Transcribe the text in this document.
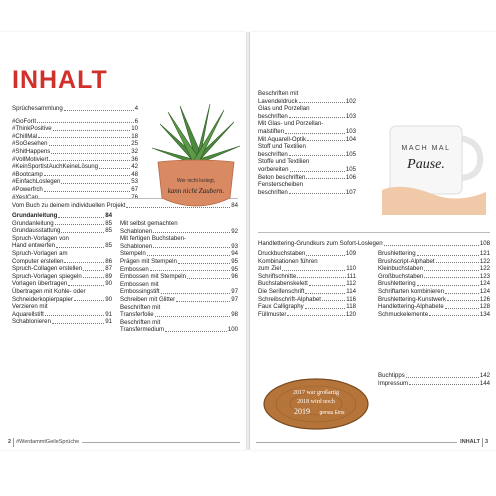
INHALT
Sprüchesammlung	4
#GoForIt	6
#ThinkPositive	10
#ChillMal	18
#SoGesehen	25
#ShitHappens	32
#VollMotiviert	36
#KeinSportIstAuchKeineLösung	42
#Bootcamp	48
#EinfachLoslegen	53
#Powerfrch	67
Vom Buch zu deinem individuellen Projekt	84
Grundanleitung	84
Grundanleitung	85
Grundausstattung	85
Spruch-Vorlagen von
Hand entwerfen	85
Spruch-Vorlagen am
Computer erstellen	86
Spruch-Collagen erstellen	87
Spruch-Vorlagen spiegeln	89
Vorlagen übertragen	90
Übertragen mit Kohle- oder
Schneiderkopierpapier	90
Verzieren mit
Aquarellstift	91
Schablonieren	91
Mit selbst gemachten
Schablonen	92
Mit fertigen Buchstaben-
Schablonen	93
Stempeln	94
Prägen mit Stempeln	95
Embossen	95
Embossen mit Stempeln	96
Embossen mit
Embossingstift	97
Schreiben mit Glitter	97
Beschriften mit
Transferfolie	98
Beschriften mit
Transfermedium	100
Wer nicht loslegt,
kann nicht Zaubern.
2 #WerdammtGeileSprüche
Beschriften mit
Lavendeldruck	102
Glas und Porzellan
beschriften	103
Mit Glas- und Porzellan-
malstiften	103
Mit Aquarell-Optik	104
Stoff und Textilien
beschriften	105
Stoffe und Textilien
vorbereiten	105
Beton beschriften	106
Fensterscheiben
beschriften	107
MACH MAL
Pause.
Handlettering-Grundkurs zum Sofort-Loslegen	108
Druckbuchstaben	109
Kombinationen führen
zum Ziel	110
Schriftschnitte	111
Buchstabenskelett	112
Die Serifenschrift	114
Schreibschrift-Alphabet	116
Faux Calligraphy	118
Füllmuster	120
Brushlettering	121
Brushscript-Alphabet	122
Kleinbuchstaben	122
Großbuchstaben	123
Brushlettering	124
Schriftarten kombinieren	124
Brushlettering-Kunstwerk	126
Handlettering-Alphabete	128
Schmuckelemente	134
Buchtipps	142
Impressum	144
2017 war großartig
2018 wird noch
2019 genau Eins
INHALT 3
